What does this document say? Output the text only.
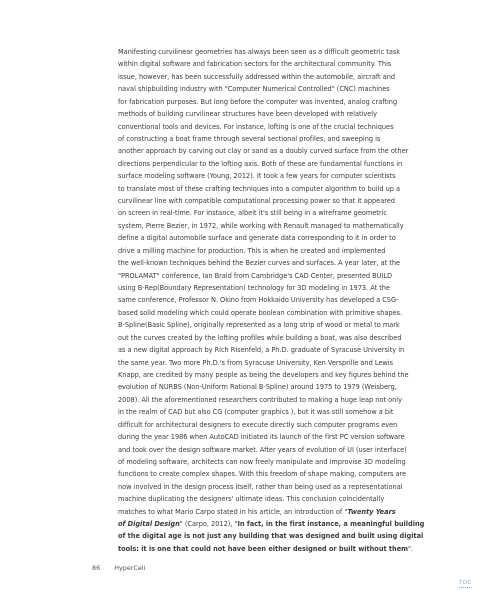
Manifesting curvilinear geometries has always been seen as a difficult geometric task
within digital software and fabrication sectors for the architectural community. This
issue, however, has been successfully addressed within the automobile, aircraft and
naval shipbuilding industry with "Computer Numerical Controlled" (CNC) machines
for fabrication purposes. But long before the computer was invented, analog crafting
methods of building curvilinear structures have been developed with relatively
conventional tools and devices. For instance, lofting is one of the crucial techniques
of constructing a boat frame through several sectional profiles, and sweeping is
another approach by carving out clay or sand as a doubly curved surface from the other
directions perpendicular to the lofting axis. Both of these are fundamental functions in
surface modeling software (Young, 2012). It took a few years for computer scientists
to translate most of these crafting techniques into a computer algorithm to build up a
curvilinear line with compatible computational processing power so that it appeared
on screen in real-time. For instance, albeit it's still being in a wireframe geometric
system, Pierre Bezier, in 1972, while working with Renault managed to mathematically
define a digital automobile surface and generate data corresponding to it in order to
drive a milling machine for production. This is when he created and implemented
the well-known techniques behind the Bezier curves and surfaces. A year later, at the
"PROLAMAT" conference, Ian Braid from Cambridge's CAD Center, presented BUILD
using B-Rep(Boundary Representation) technology for 3D modeling in 1973. At the
same conference, Professor N. Okino from Hokkaido University has developed a CSG-
based solid modeling which could operate boolean combination with primitive shapes.
B-Spline(Basic Spline), originally represented as a long strip of wood or metal to mark
out the curves created by the lofting profiles while building a boat, was also described
as a new digital approach by Rich Risenfeld, a Ph.D. graduate of Syracuse University in
the same year. Two more Ph.D.'s from Syracuse University, Ken Versprille and Lewis
Knapp, are credited by many people as being the developers and key figures behind the
evolution of NURBS (Non-Uniform Rational B-Spline) around 1975 to 1979 (Weisberg,
2008). All the aforementioned researchers contributed to making a huge leap not only
in the realm of CAD but also CG (computer graphics ), but it was still somehow a bit
difficult for architectural designers to execute directly such computer programs even
during the year 1986 when AutoCAD initiated its launch of the first PC version software
and took over the design software market. After years of evolution of UI (user interface)
of modeling software, architects can now freely manipulate and improvise 3D modeling
functions to create complex shapes. With this freedom of shape making, computers are
now involved in the design process itself, rather than being used as a representational
machine duplicating the designers' ultimate ideas. This conclusion coincidentally
matches to what Mario Carpo stated in his article, an introduction of "Twenty Years
of Digital Design" (Carpo, 2012), "In fact, in the first instance, a meaningful building
of the digital age is not just any building that was designed and built using digital
tools: it is one that could not have been either designed or built without them".
86 HyperCell
TOC
